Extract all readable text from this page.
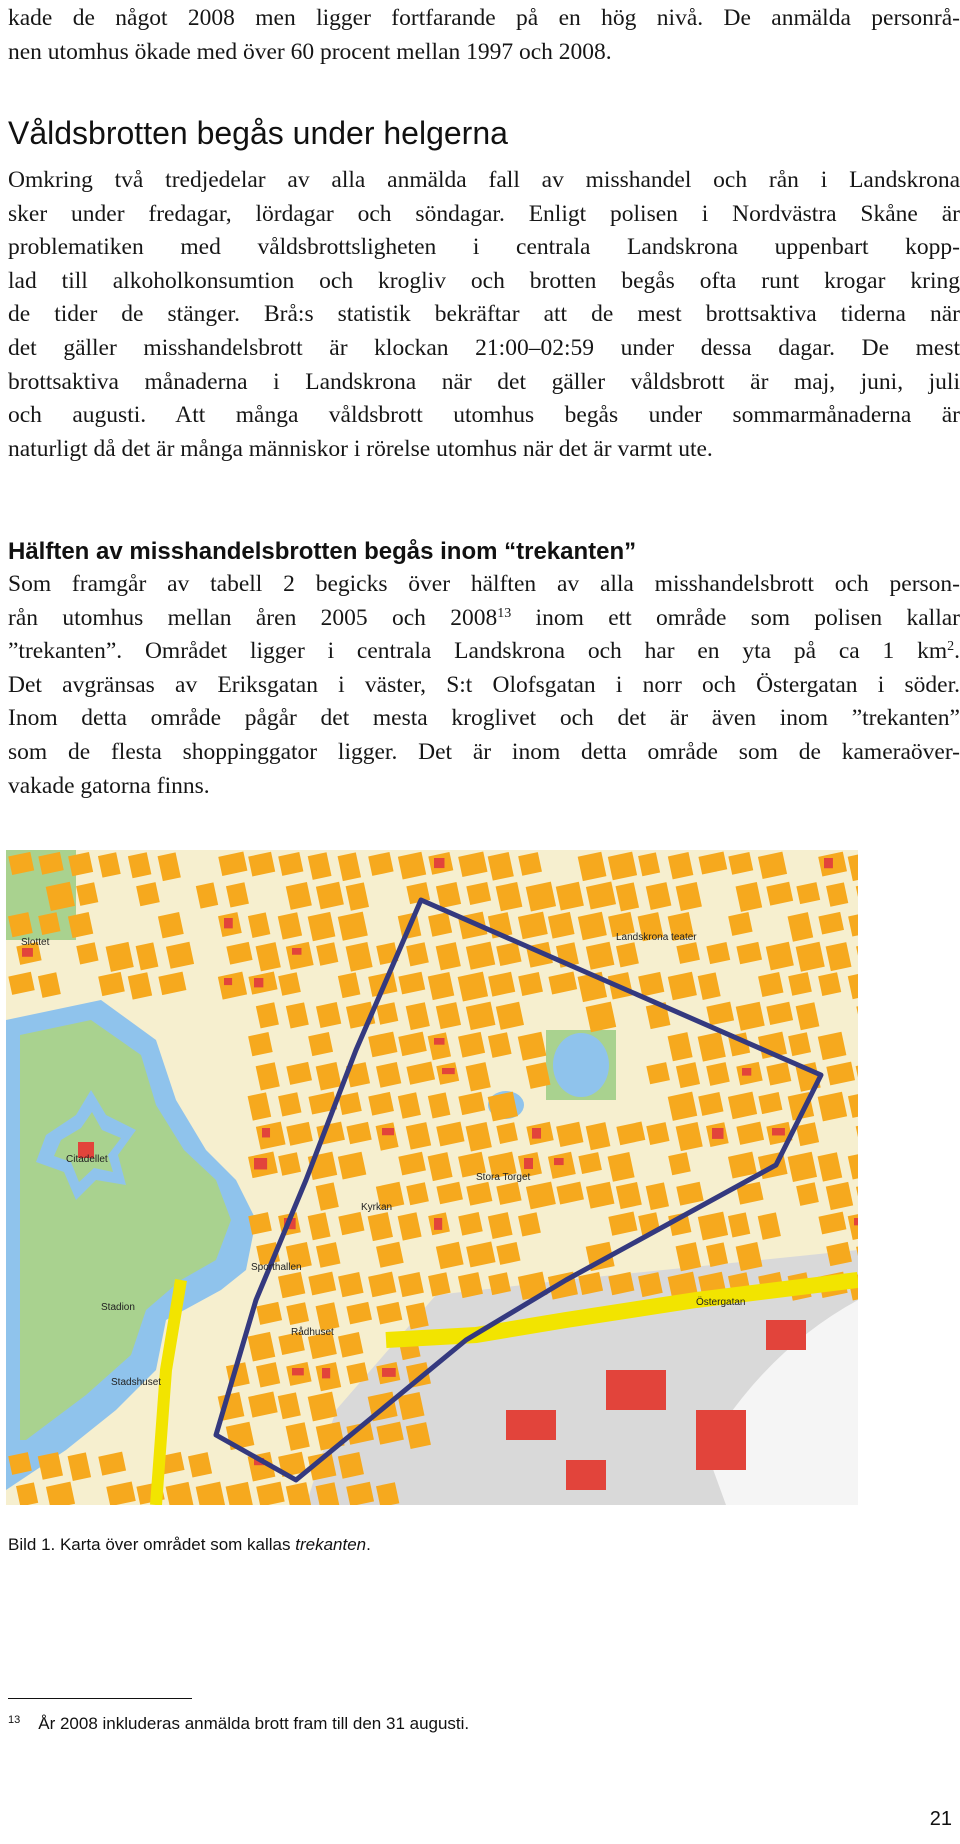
kade de något 2008 men ligger fortfarande på en hög nivå. De anmälda personrå-
nen utomhus ökade med över 60 procent mellan 1997 och 2008.
Våldsbrotten begås under helgerna
Omkring två tredjedelar av alla anmälda fall av misshandel och rån i Landskrona
sker under fredagar, lördagar och söndagar. Enligt polisen i Nordvästra Skåne är
problematiken med våldsbrottsligheten i centrala Landskrona uppenbart kopp-
lad till alkoholkonsumtion och krogliv och brotten begås ofta runt krogar kring
de tider de stänger. Brå:s statistik bekräftar att de mest brottsaktiva tiderna när
det gäller misshandelsbrott är klockan 21:00–02:59 under dessa dagar. De mest
brottsaktiva månaderna i Landskrona när det gäller våldsbrott är maj, juni, juli
och augusti. Att många våldsbrott utomhus begås under sommarmånaderna är
naturligt då det är många människor i rörelse utomhus när det är varmt ute.
Hälften av misshandelsbrotten begås inom “trekanten”
Som framgår av tabell 2 begicks över hälften av alla misshandelsbrott och person-
rån utomhus mellan åren 2005 och 2008$^{13}$ inom ett område som polisen kallar
”trekanten”. Området ligger i centrala Landskrona och har en yta på ca 1 km$^2$.
Det avgränsas av Eriksgatan i väster, S:t Olofsgatan i norr och Östergatan i söder.
Inom detta område pågår det mesta kroglivet och det är även inom ”trekanten”
som de flesta shoppinggator ligger. Det är inom detta område som de kameraöver-
vakade gatorna finns.
Citadellet
Stadshuset
Rådhuset
Slottet
Kyrkan
Stadion
Sporthallen
Landskrona teater
Stora Torget
Östergatan
Bild 1. Karta över området som kallas trekanten.
$^{13}$ År 2008 inkluderas anmälda brott fram till den 31 augusti.
21
